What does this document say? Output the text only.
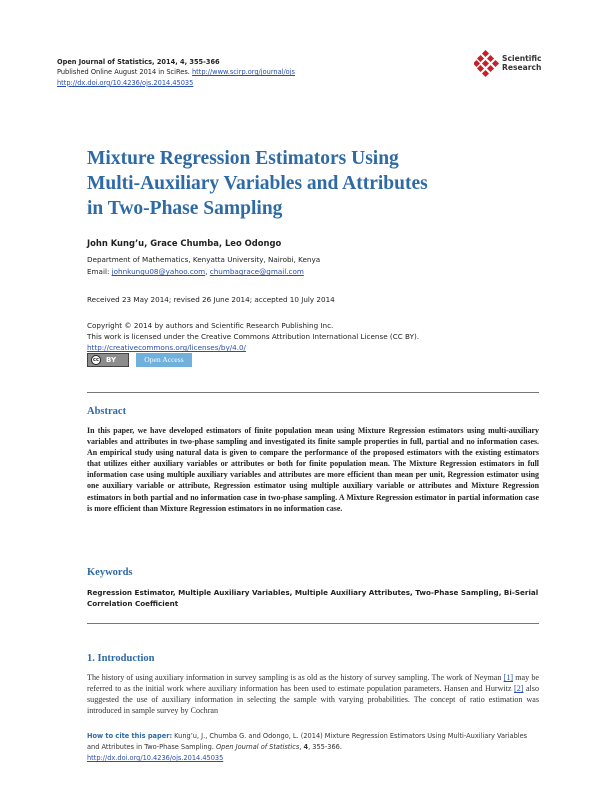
Open Journal of Statistics, 2014, 4, 355-366
Published Online August 2014 in SciRes. http://www.scirp.org/journal/ojs
http://dx.doi.org/10.4236/ojs.2014.45035
Scientific
Research
Mixture Regression Estimators Using
Multi-Auxiliary Variables and Attributes
in Two-Phase Sampling
John Kung’u, Grace Chumba, Leo Odongo
Department of Mathematics, Kenyatta University, Nairobi, Kenya
Email: johnkungu08@yahoo.com, chumbagrace@gmail.com
Received 23 May 2014; revised 26 June 2014; accepted 10 July 2014
Copyright © 2014 by authors and Scientific Research Publishing Inc.
This work is licensed under the Creative Commons Attribution International License (CC BY).
http://creativecommons.org/licenses/by/4.0/
cc BY	Open Access
Abstract
In this paper, we have developed estimators of finite population mean using Mixture Regression estimators using multi-auxiliary variables and attributes in two-phase sampling and investigated its finite sample properties in full, partial and no information cases. An empirical study using natural data is given to compare the performance of the proposed estimators with the existing estimators that utilizes either auxiliary variables or attributes or both for finite population mean. The Mixture Regression estimators in full information case using multiple auxiliary variables and attributes are more efficient than mean per unit, Regression estimator using one auxiliary variable or attribute, Regression estimator using multiple auxiliary variable or attributes and Mixture Regression estimators in both partial and no information case in two-phase sampling. A Mixture Regression estimator in partial information case is more efficient than Mixture Regression estimators in no information case.
Keywords
Regression Estimator, Multiple Auxiliary Variables, Multiple Auxiliary Attributes, Two-Phase Sampling, Bi-Serial Correlation Coefficient
1. Introduction
The history of using auxiliary information in survey sampling is as old as the history of survey sampling. The work of Neyman [1] may be referred to as the initial work where auxiliary information has been used to estimate population parameters. Hansen and Hurwitz [2] also suggested the use of auxiliary information in selecting the sample with varying probabilities. The concept of ratio estimation was introduced in sample survey by Cochran
How to cite this paper: Kung’u, J., Chumba G. and Odongo, L. (2014) Mixture Regression Estimators Using Multi-Auxiliary Variables and Attributes in Two-Phase Sampling. Open Journal of Statistics, 4, 355-366.
http://dx.doi.org/10.4236/ojs.2014.45035
